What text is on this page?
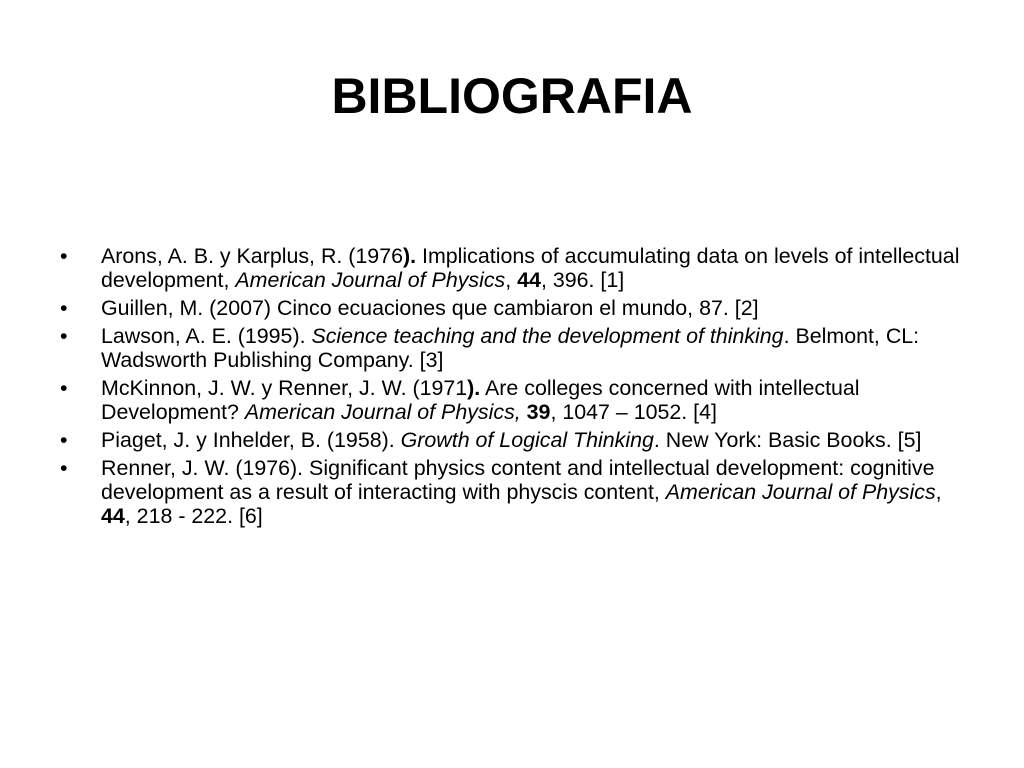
BIBLIOGRAFIA
• Arons, A. B. y Karplus, R. (1976). Implications of accumulating data on levels of intellectual development, American Journal of Physics, 44, 396. [1]
• Guillen, M. (2007) Cinco ecuaciones que cambiaron el mundo, 87. [2]
• Lawson, A. E. (1995). Science teaching and the development of thinking. Belmont, CL: Wadsworth Publishing Company. [3]
• McKinnon, J. W. y Renner, J. W. (1971). Are colleges concerned with intellectual Development? American Journal of Physics, 39, 1047 – 1052. [4]
• Piaget, J. y Inhelder, B. (1958). Growth of Logical Thinking. New York: Basic Books. [5]
• Renner, J. W. (1976). Significant physics content and intellectual development: cognitive development as a result of interacting with physcis content, American Journal of Physics, 44, 218 - 222. [6]
